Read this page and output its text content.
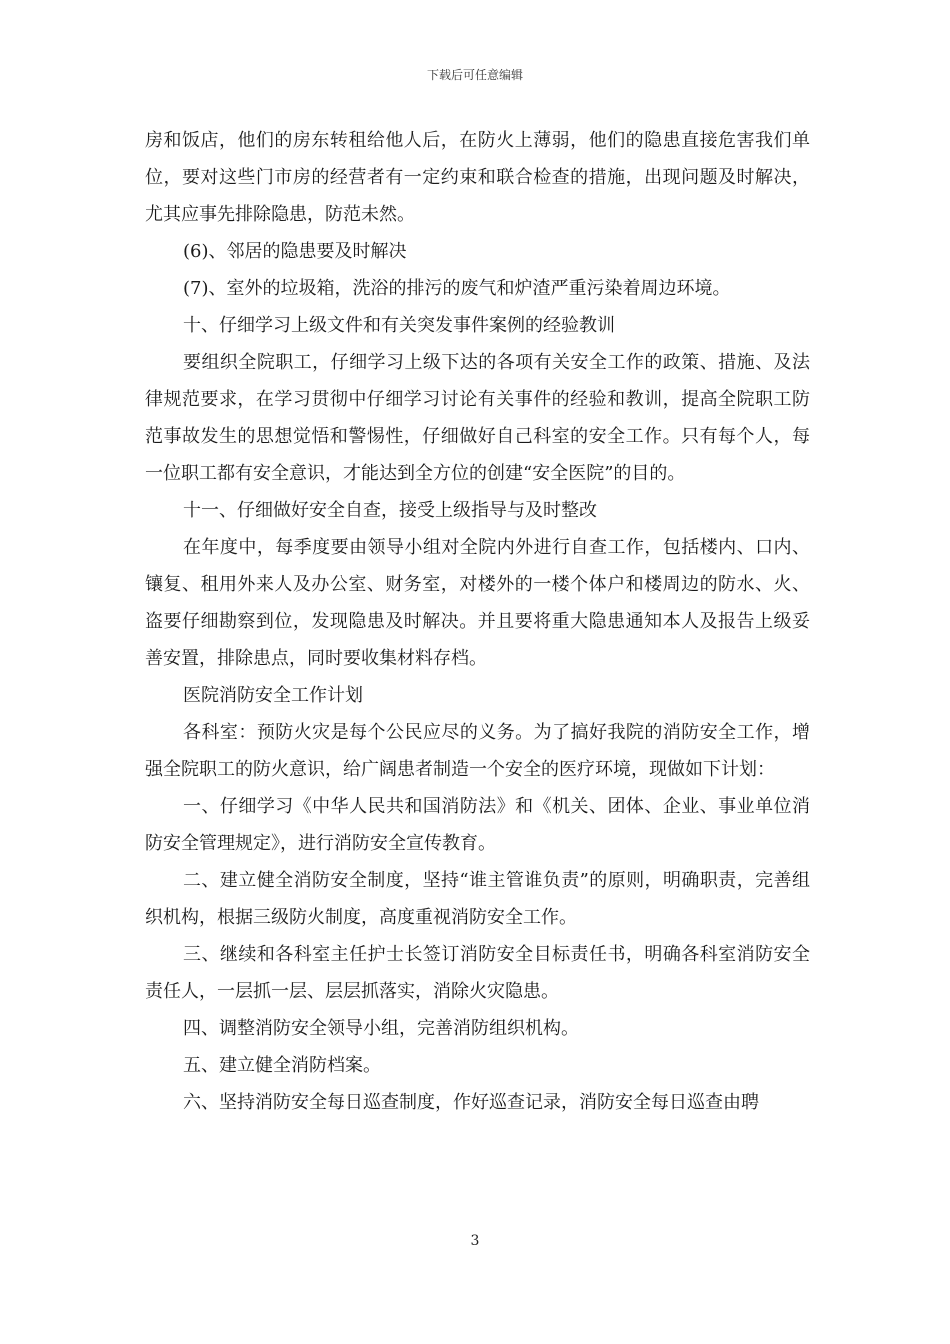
下载后可任意编辑

房和饭店，他们的房东转租给他人后，在防火上薄弱，他们的隐患直接危害我们单位，要对这些门市房的经营者有一定约束和联合检查的措施，出现问题及时解决，尤其应事先排除隐患，防范未然。

(6)、邻居的隐患要及时解决

(7)、室外的垃圾箱，洗浴的排污的废气和炉渣严重污染着周边环境。

十、仔细学习上级文件和有关突发事件案例的经验教训

要组织全院职工，仔细学习上级下达的各项有关安全工作的政策、措施、及法律规范要求，在学习贯彻中仔细学习讨论有关事件的经验和教训，提高全院职工防范事故发生的思想觉悟和警惕性，仔细做好自己科室的安全工作。只有每个人，每一位职工都有安全意识，才能达到全方位的创建“安全医院”的目的。

十一、仔细做好安全自查，接受上级指导与及时整改

在年度中，每季度要由领导小组对全院内外进行自查工作，包括楼内、口内、镶复、租用外来人及办公室、财务室，对楼外的一楼个体户和楼周边的防水、火、盗要仔细勘察到位，发现隐患及时解决。并且要将重大隐患通知本人及报告上级妥善安置，排除患点，同时要收集材料存档。

医院消防安全工作计划

各科室：预防火灾是每个公民应尽的义务。为了搞好我院的消防安全工作，增强全院职工的防火意识，给广阔患者制造一个安全的医疗环境，现做如下计划：

一、仔细学习《中华人民共和国消防法》和《机关、团体、企业、事业单位消防安全管理规定》，进行消防安全宣传教育。

二、建立健全消防安全制度，坚持“谁主管谁负责”的原则，明确职责，完善组织机构，根据三级防火制度，高度重视消防安全工作。

三、继续和各科室主任护士长签订消防安全目标责任书，明确各科室消防安全责任人，一层抓一层、层层抓落实，消除火灾隐患。

四、调整消防安全领导小组，完善消防组织机构。

五、建立健全消防档案。

六、坚持消防安全每日巡查制度，作好巡查记录，消防安全每日巡查由聘

3
